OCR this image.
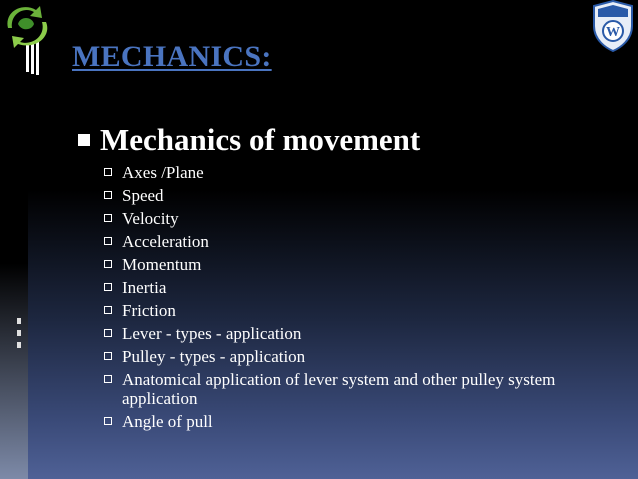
W
MECHANICS:
Mechanics of movement
Axes /Plane
Speed
Velocity
Acceleration
Momentum
Inertia
Friction
Lever - types - application
Pulley - types - application
Anatomical application of lever system and other pulley system application
Angle of pull
